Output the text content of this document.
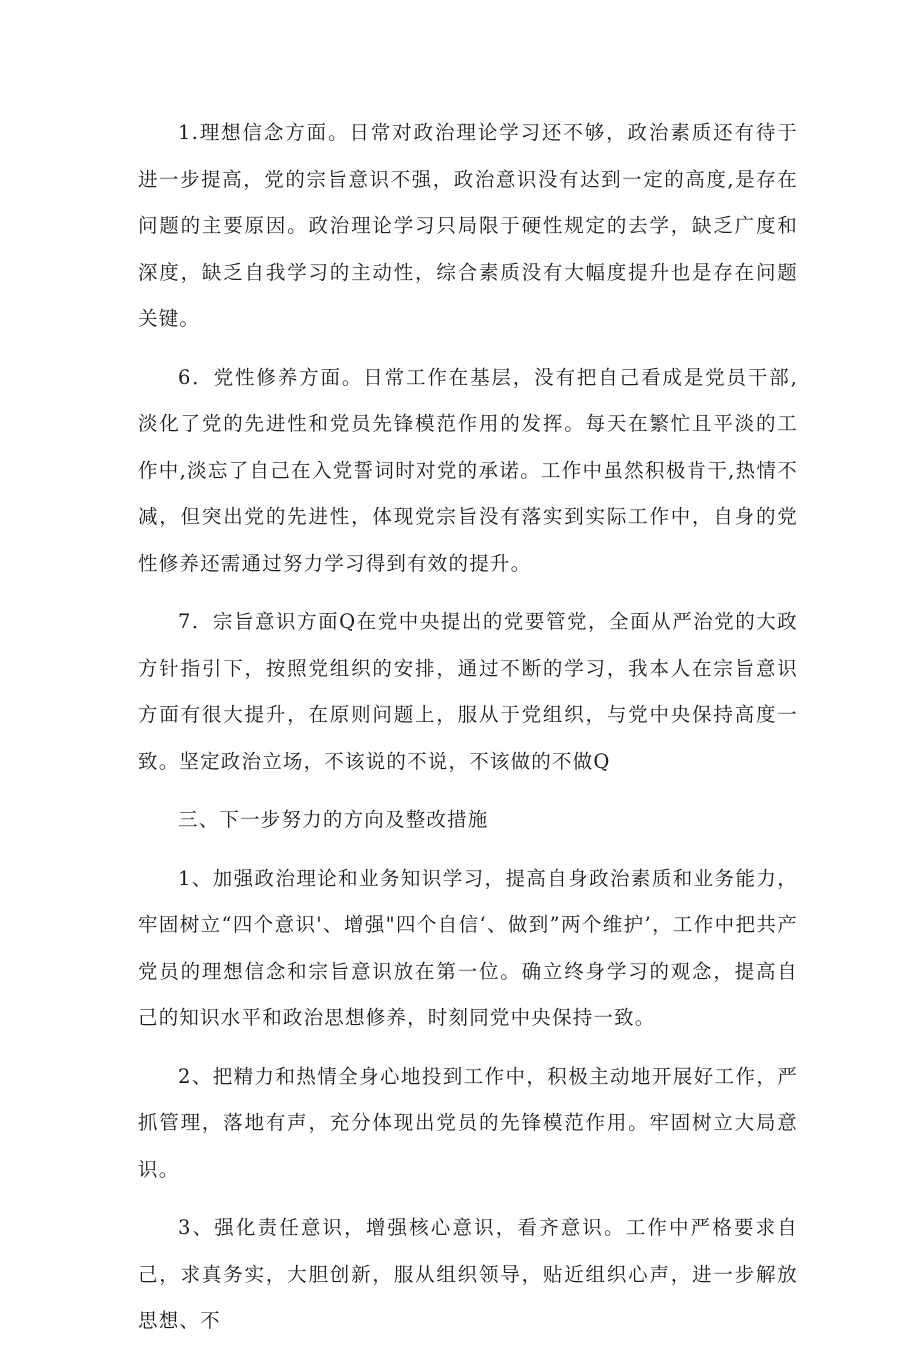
1.理想信念方面。日常对政治理论学习还不够，政治素质还有待于进一步提高，党的宗旨意识不强，政治意识没有达到一定的高度,是存在问题的主要原因。政治理论学习只局限于硬性规定的去学，缺乏广度和深度，缺乏自我学习的主动性，综合素质没有大幅度提升也是存在问题关键。

6．党性修养方面。日常工作在基层，没有把自己看成是党员干部,淡化了党的先进性和党员先锋模范作用的发挥。每天在繁忙且平淡的工作中,淡忘了自己在入党誓词时对党的承诺。工作中虽然积极肯干,热情不减，但突出党的先进性，体现党宗旨没有落实到实际工作中，自身的党性修养还需通过努力学习得到有效的提升。

7．宗旨意识方面Q在党中央提出的党要管党，全面从严治党的大政方针指引下，按照党组织的安排，通过不断的学习，我本人在宗旨意识方面有很大提升，在原则问题上，服从于党组织，与党中央保持高度一致。坚定政治立场，不该说的不说，不该做的不做Q

三、下一步努力的方向及整改措施

1、加强政治理论和业务知识学习，提高自身政治素质和业务能力，牢固树立“四个意识'、增强"四个自信‘、做到”两个维护’，工作中把共产党员的理想信念和宗旨意识放在第一位。确立终身学习的观念，提高自己的知识水平和政治思想修养，时刻同党中央保持一致。

2、把精力和热情全身心地投到工作中，积极主动地开展好工作，严抓管理，落地有声，充分体现出党员的先锋模范作用。牢固树立大局意识。

3、强化责任意识，增强核心意识，看齐意识。工作中严格要求自己，求真务实，大胆创新，服从组织领导，贴近组织心声，进一步解放思想、不
